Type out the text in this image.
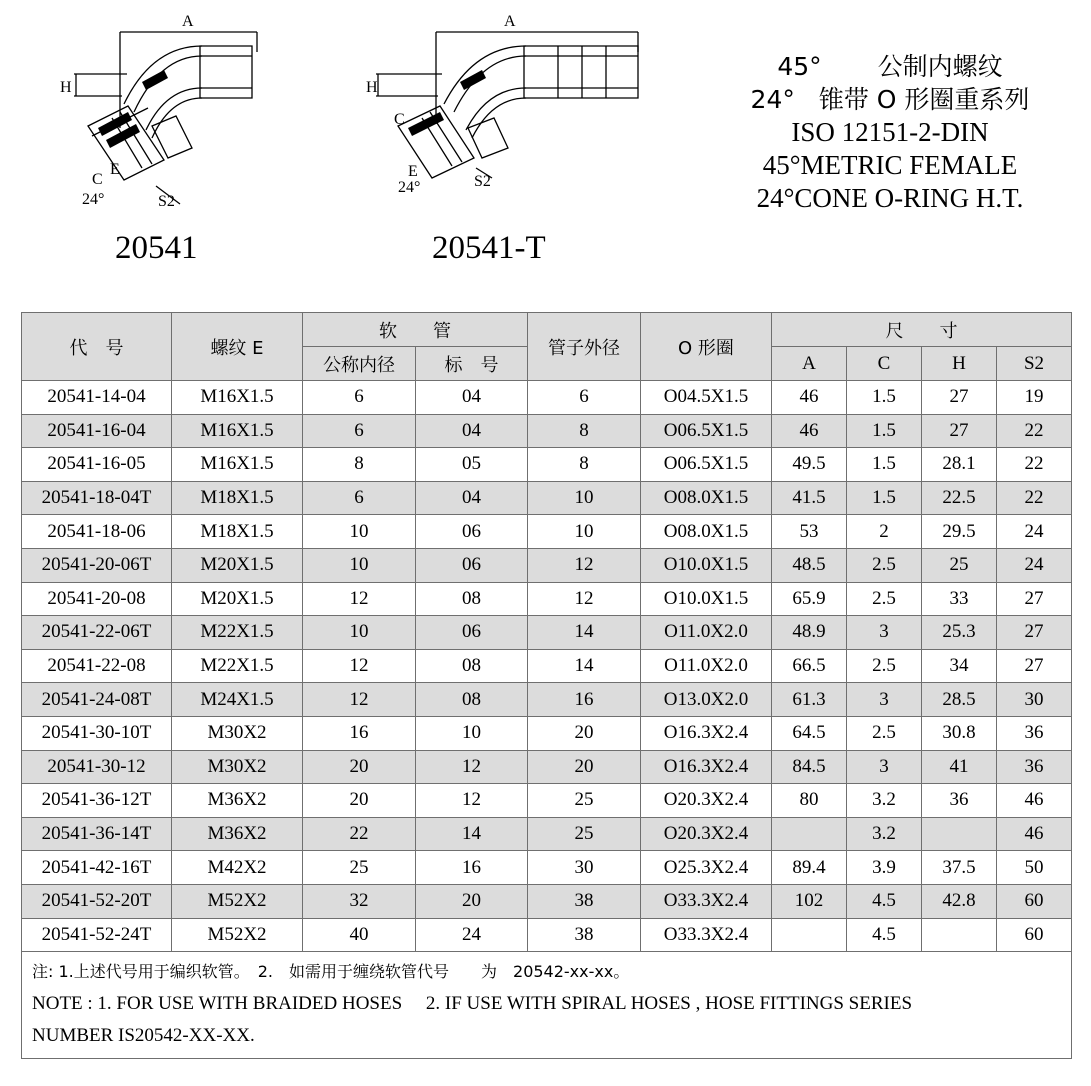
A
H
C
E
24°	S2
A
H
C
E
24°	S2
20541	20541-T
45° 公制内螺纹
24° 锥带 O 形圈重系列
ISO 12151-2-DIN
45°METRIC FEMALE
24°CONE O-RING H.T.
代　号	螺纹 E	软　　管		管子外径	O 形圈	尺　　寸			
		公称内径	标　号			A	C	H	S2
20541-14-04	M16X1.5	6	04	6	O04.5X1.5	46	1.5	27	19
20541-16-04	M16X1.5	6	04	8	O06.5X1.5	46	1.5	27	22
20541-16-05	M16X1.5	8	05	8	O06.5X1.5	49.5	1.5	28.1	22
20541-18-04T	M18X1.5	6	04	10	O08.0X1.5	41.5	1.5	22.5	22
20541-18-06	M18X1.5	10	06	10	O08.0X1.5	53	2	29.5	24
20541-20-06T	M20X1.5	10	06	12	O10.0X1.5	48.5	2.5	25	24
20541-20-08	M20X1.5	12	08	12	O10.0X1.5	65.9	2.5	33	27
20541-22-06T	M22X1.5	10	06	14	O11.0X2.0	48.9	3	25.3	27
20541-22-08	M22X1.5	12	08	14	O11.0X2.0	66.5	2.5	34	27
20541-24-08T	M24X1.5	12	08	16	O13.0X2.0	61.3	3	28.5	30
20541-30-10T	M30X2	16	10	20	O16.3X2.4	64.5	2.5	30.8	36
20541-30-12	M30X2	20	12	20	O16.3X2.4	84.5	3	41	36
20541-36-12T	M36X2	20	12	25	O20.3X2.4	80	3.2	36	46
20541-36-14T	M36X2	22	14	25	O20.3X2.4		3.2		46
20541-42-16T	M42X2	25	16	30	O25.3X2.4	89.4	3.9	37.5	50
20541-52-20T	M52X2	32	20	38	O33.3X2.4	102	4.5	42.8	60
20541-52-24T	M52X2	40	24	38	O33.3X2.4		4.5		60

注: 1.上述代号用于编织软管。　2.　如需用于缠绕软管代号　　为　20542-xx-xx。
NOTE : 1. FOR USE WITH BRAIDED HOSES　 2. IF USE WITH SPIRAL HOSES , HOSE FITTINGS SERIES
NUMBER IS20542-XX-XX.									
